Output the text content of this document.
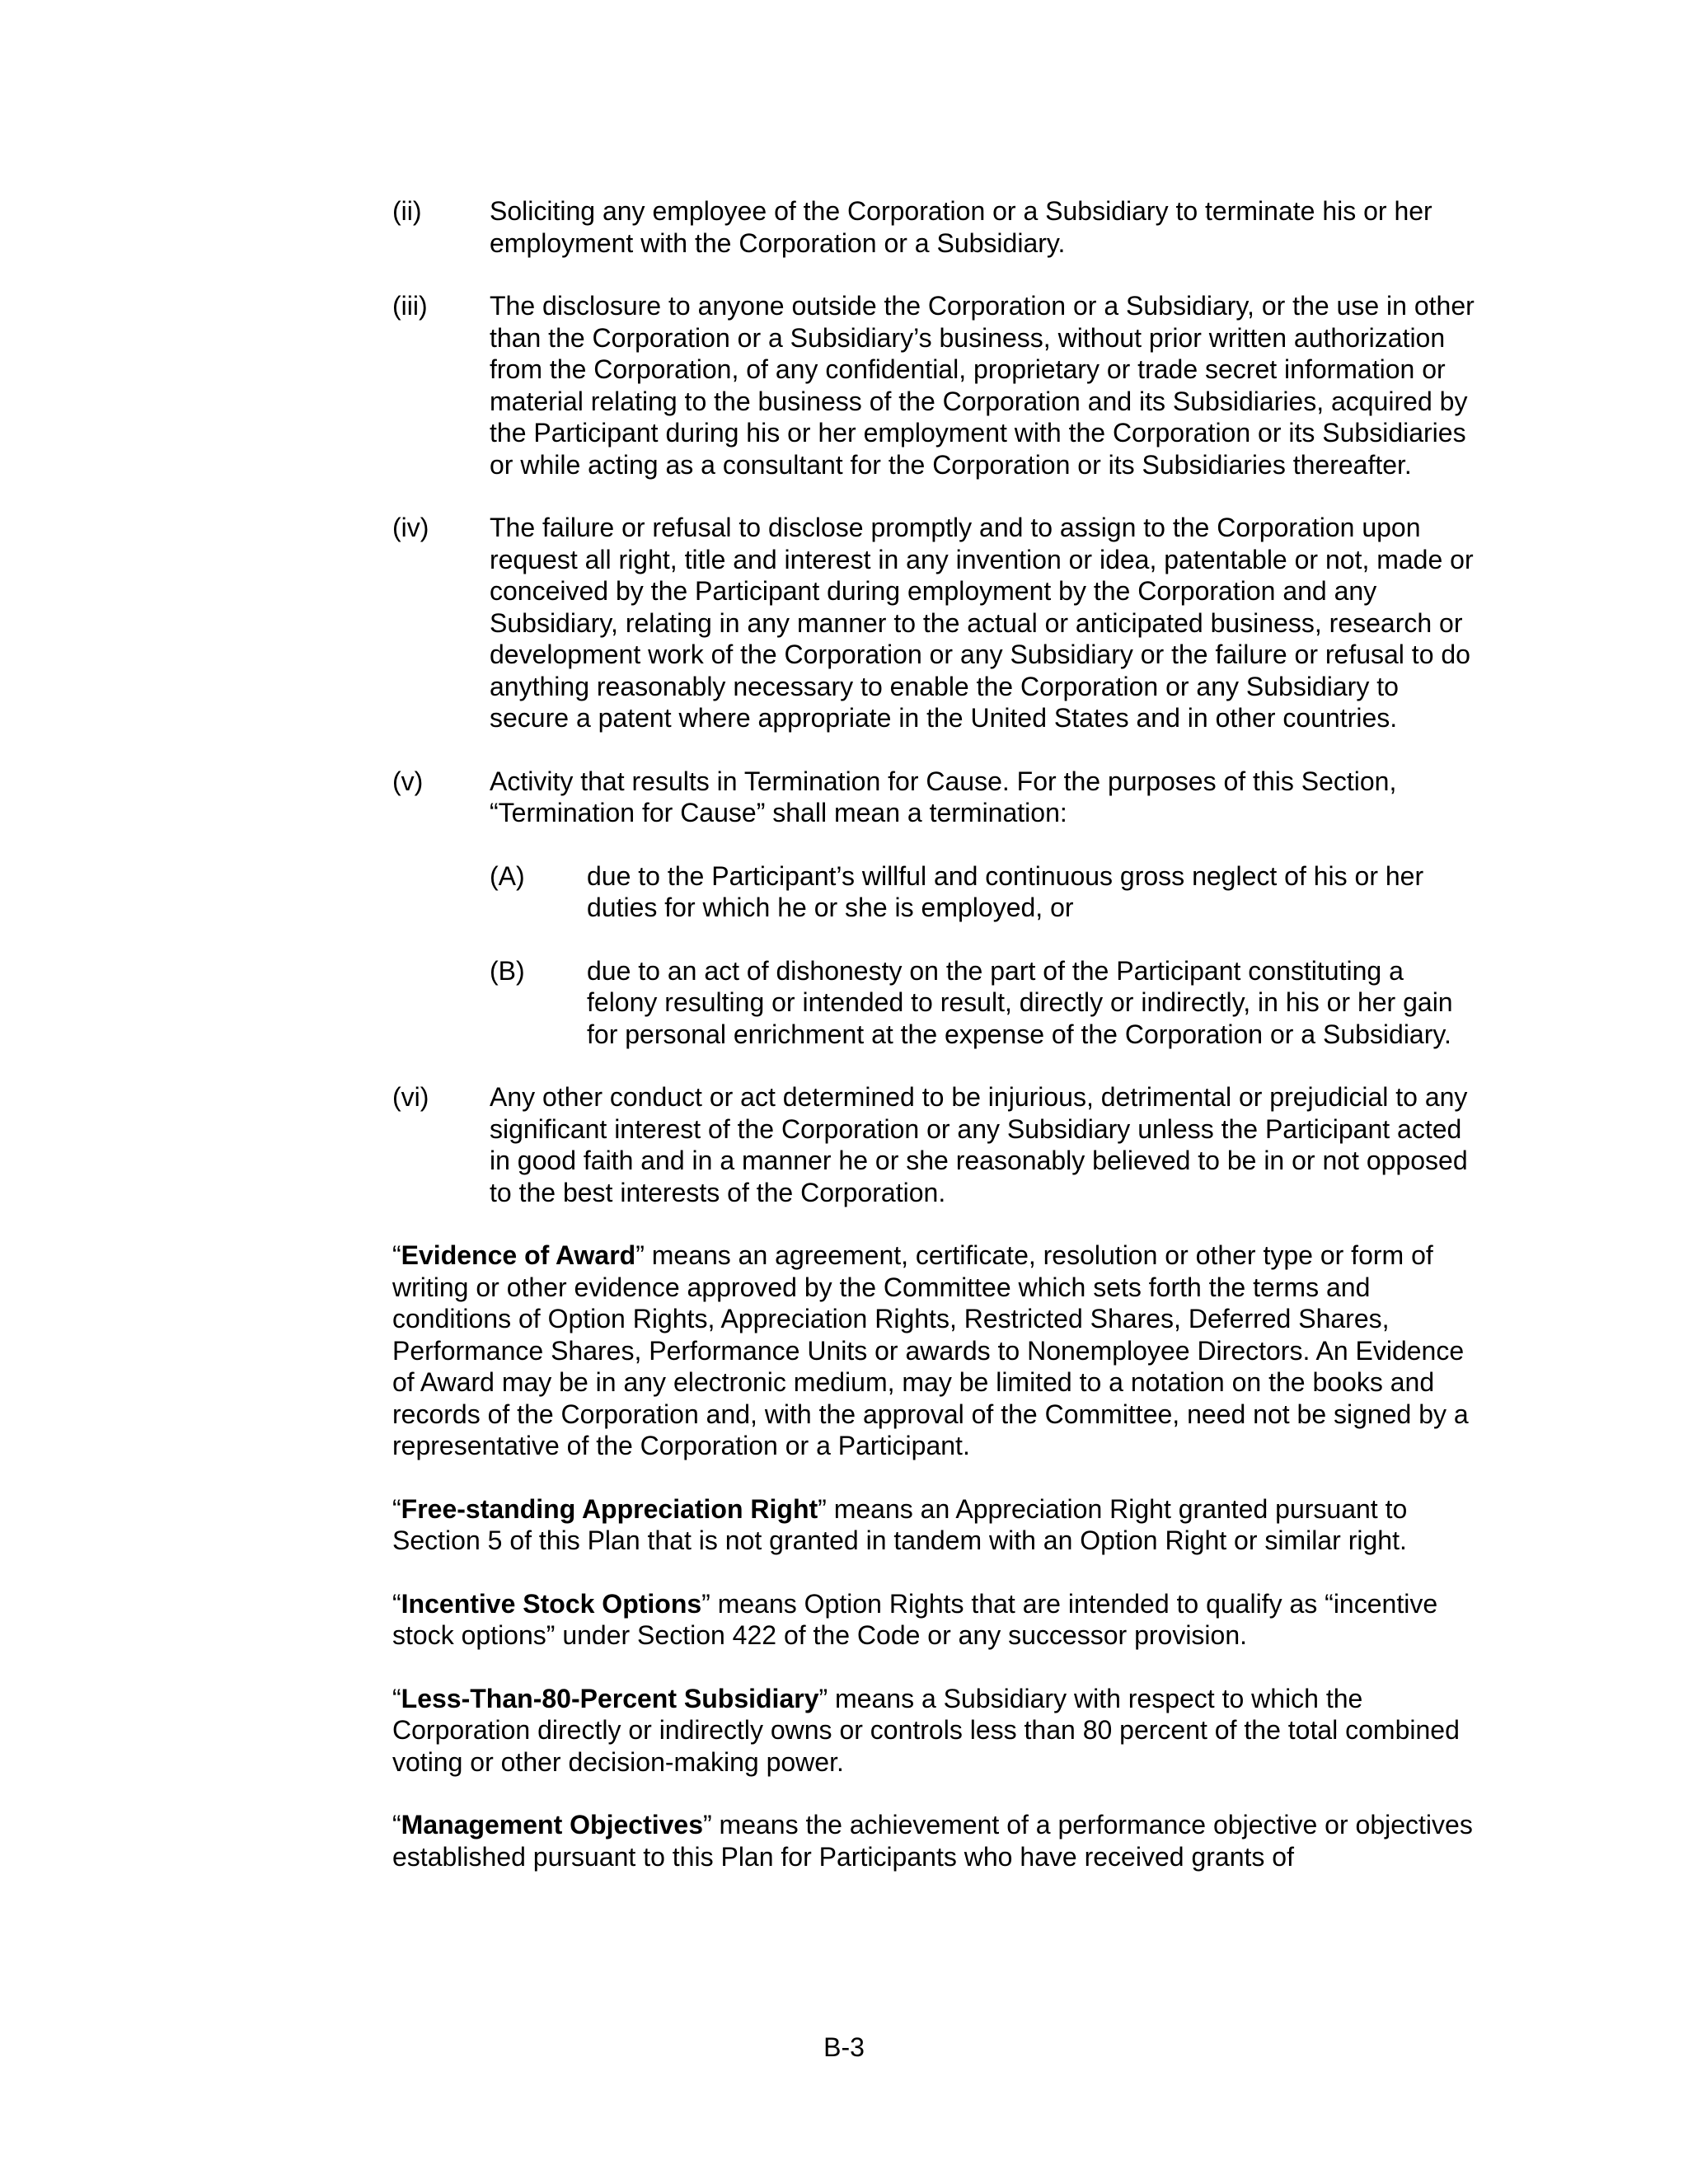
(ii)	Soliciting any employee of the Corporation or a Subsidiary to terminate his or her employment with the Corporation or a Subsidiary.
(iii) The disclosure to anyone outside the Corporation or a Subsidiary, or the use in other than the Corporation or a Subsidiary’s business, without prior written authorization from the Corporation, of any confidential, proprietary or trade secret information or material relating to the business of the Corporation and its Subsidiaries, acquired by the Participant during his or her employment with the Corporation or its Subsidiaries or while acting as a consultant for the Corporation or its Subsidiaries thereafter.
(iv) The failure or refusal to disclose promptly and to assign to the Corporation upon request all right, title and interest in any invention or idea, patentable or not, made or conceived by the Participant during employment by the Corporation and any Subsidiary, relating in any manner to the actual or anticipated business, research or development work of the Corporation or any Subsidiary or the failure or refusal to do anything reasonably necessary to enable the Corporation or any Subsidiary to secure a patent where appropriate in the United States and in other countries.
(v)	Activity that results in Termination for Cause. For the purposes of this Section, “Termination for Cause” shall mean a termination:
(A) due to the Participant’s willful and continuous gross neglect of his or her duties for which he or she is employed, or
(B) due to an act of dishonesty on the part of the Participant constituting a felony resulting or intended to result, directly or indirectly, in his or her gain for personal enrichment at the expense of the Corporation or a Subsidiary.
(vi) Any other conduct or act determined to be injurious, detrimental or prejudicial to any significant interest of the Corporation or any Subsidiary unless the Participant acted in good faith and in a manner he or she reasonably believed to be in or not opposed to the best interests of the Corporation.
“Evidence of Award” means an agreement, certificate, resolution or other type or form of writing or other evidence approved by the Committee which sets forth the terms and conditions of Option Rights, Appreciation Rights, Restricted Shares, Deferred Shares, Performance Shares, Performance Units or awards to Nonemployee Directors. An Evidence of Award may be in any electronic medium, may be limited to a notation on the books and records of the Corporation and, with the approval of the Committee, need not be signed by a representative of the Corporation or a Participant.
“Free-standing Appreciation Right” means an Appreciation Right granted pursuant to Section 5 of this Plan that is not granted in tandem with an Option Right or similar right.
“Incentive Stock Options” means Option Rights that are intended to qualify as “incentive stock options” under Section 422 of the Code or any successor provision.
“Less-Than-80-Percent Subsidiary” means a Subsidiary with respect to which the Corporation directly or indirectly owns or controls less than 80 percent of the total combined voting or other decision-making power.
“Management Objectives” means the achievement of a performance objective or objectives established pursuant to this Plan for Participants who have received grants of
B-3
